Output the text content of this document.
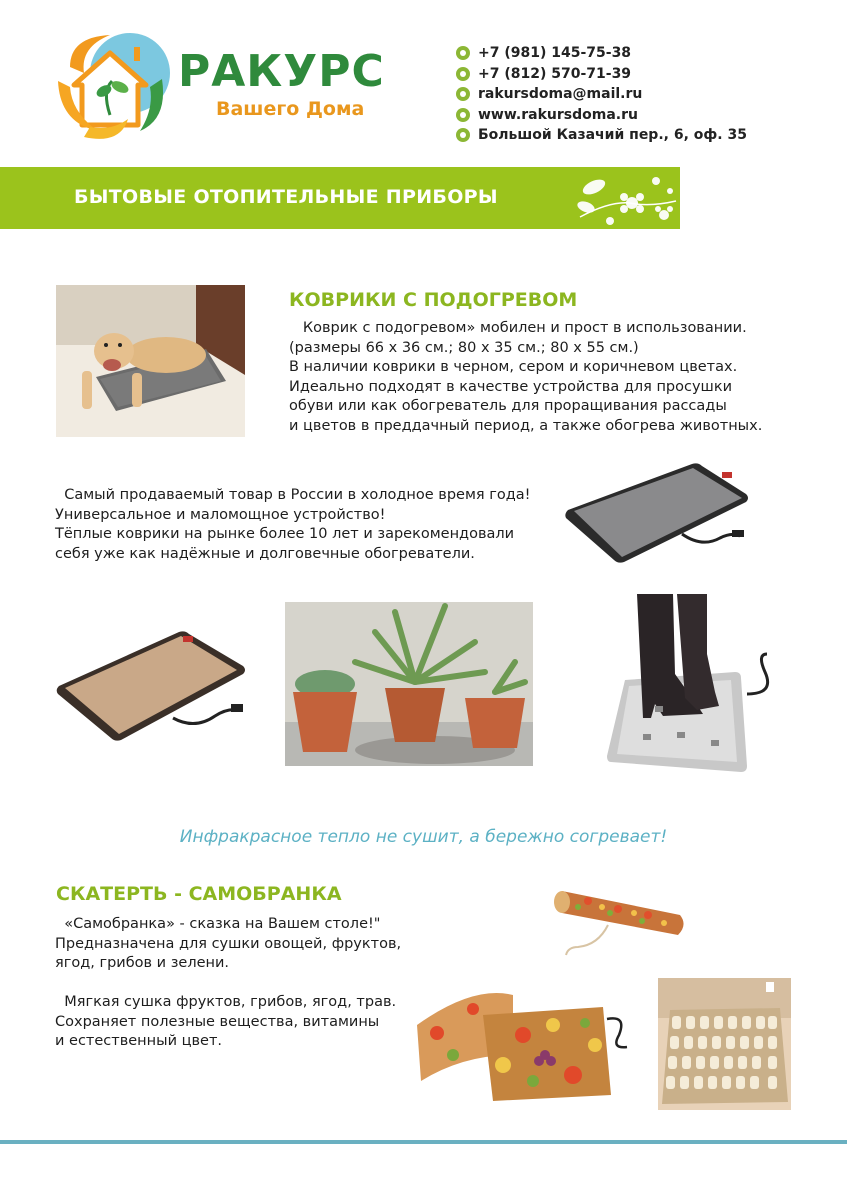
РАКУРС
Вашего Дома
+7 (981) 145-75-38
+7 (812) 570-71-39
rakursdoma@mail.ru
www.rakursdoma.ru
Большой Казачий пер., 6, оф. 35
БЫТОВЫЕ ОТОПИТЕЛЬНЫЕ ПРИБОРЫ
КОВРИКИ С ПОДОГРЕВОМ
Коврик с подогревом» мобилен и прост в использовании.
(размеры 66 х 36 см.; 80 х 35 см.; 80 х 55 см.)
В наличии коврики в черном, сером и коричневом цветах.
Идеально подходят в качестве устройства для просушки
обуви или как обогреватель для проращивания рассады
и цветов в преддачный период, а также обогрева животных.
Самый продаваемый товар в России в холодное время года!
Универсальное и маломощное устройство!
Тёплые коврики на рынке более 10 лет и зарекомендовали
себя уже как надёжные и долговечные обогреватели.
Инфракрасное тепло не сушит, а бережно согревает!
СКАТЕРТЬ - САМОБРАНКА
«Самобранка» - сказка на Вашем столе!"
Предназначена для сушки овощей, фруктов,
ягод, грибов и зелени.

Мягкая сушка фруктов, грибов, ягод, трав.
Сохраняет полезные вещества, витамины
и естественный цвет.
